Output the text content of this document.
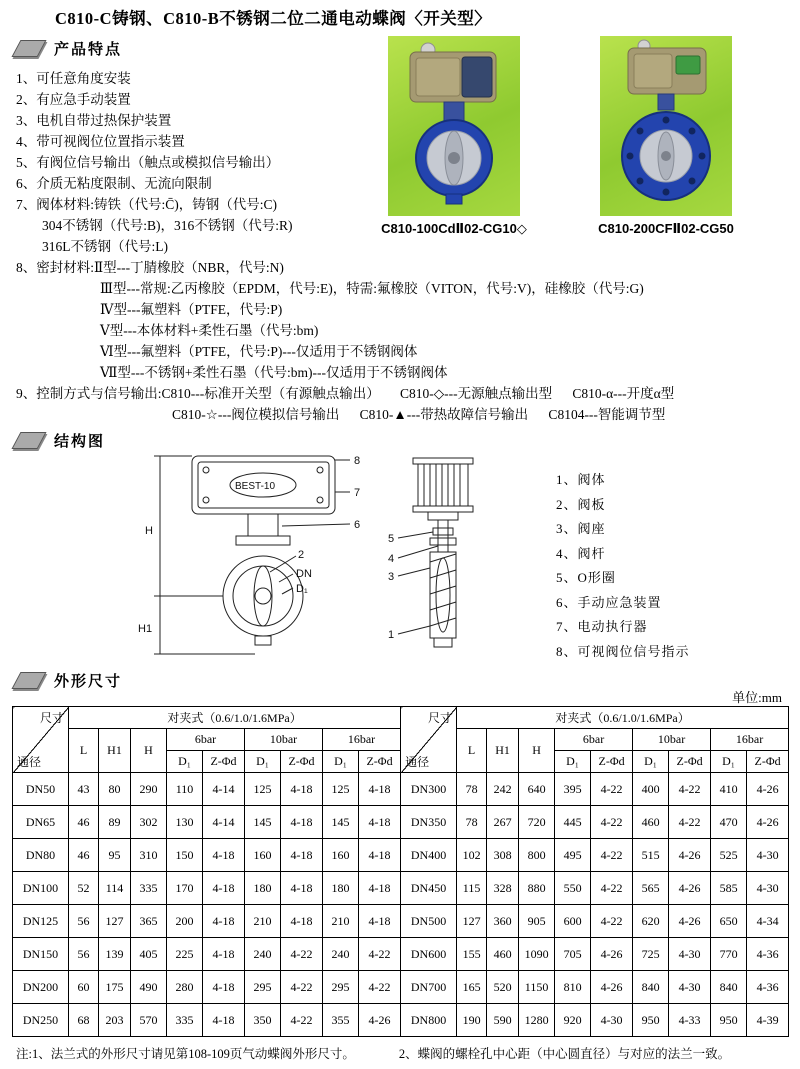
C810-C铸钢、C810-B不锈钢二位二通电动蝶阀〈开关型〉
产品特点
1、可任意角度安装
2、有应急手动装置
3、电机自带过热保护装置
4、带可视阀位位置指示装置
5、有阀位信号输出（触点或模拟信号输出）
6、介质无粘度限制、无流向限制
7、阀体材料:铸铁（代号:C̄)，铸钢（代号:C)
304不锈钢（代号:B)，316不锈钢（代号:R)
316L不锈钢（代号:L)
8、密封材料:Ⅱ型---丁腈橡胶（NBR，代号:N)
Ⅲ型---常规:乙丙橡胶（EPDM，代号:E)，特需:氟橡胶（VITON，代号:V)，硅橡胶（代号:G)
Ⅳ型---氟塑料（PTFE，代号:P)
Ⅴ型---本体材料+柔性石墨（代号:bm)
Ⅵ型---氟塑料（PTFE，代号:P)---仅适用于不锈钢阀体
Ⅶ型---不锈钢+柔性石墨（代号:bm)---仅适用于不锈钢阀体
9、控制方式与信号输出:C810---标准开关型（有源触点输出）      C810-◇---无源触点输出型      C810-α---开度α型
C810-☆---阀位模拟信号输出      C810-▲---带热故障信号输出      C8104---智能调节型
C810-100CdⅡ02-CG10◇	C810-200CFⅡ02-CG50
结构图
BEST-10
H
H1
2
DN
D₁
8
7
6
5
4
3
1
1、阀体
2、阀板
3、阀座
4、阀杆
5、O形圈
6、手动应急装置
7、电动执行器
8、可视阀位信号指示
外形尺寸
单位:mm
尺寸
通径	对夹式（0.6/1.0/1.6MPa）									尺寸
通径	对夹式（0.6/1.0/1.6MPa）								
	L	H1	H	6bar		10bar		16bar			L	H1	H	6bar		10bar		16bar	
				D₁	Z-Φd	D₁	Z-Φd	D₁	Z-Φd					D₁	Z-Φd	D₁	Z-Φd	D₁	Z-Φd
DN50	43	80	290	110	4-14	125	4-18	125	4-18	DN300	78	242	640	395	4-22	400	4-22	410	4-26
DN65	46	89	302	130	4-14	145	4-18	145	4-18	DN350	78	267	720	445	4-22	460	4-22	470	4-26
DN80	46	95	310	150	4-18	160	4-18	160	4-18	DN400	102	308	800	495	4-22	515	4-26	525	4-30
DN100	52	114	335	170	4-18	180	4-18	180	4-18	DN450	115	328	880	550	4-22	565	4-26	585	4-30
DN125	56	127	365	200	4-18	210	4-18	210	4-18	DN500	127	360	905	600	4-22	620	4-26	650	4-34
DN150	56	139	405	225	4-18	240	4-22	240	4-22	DN600	155	460	1090	705	4-26	725	4-30	770	4-36
DN200	60	175	490	280	4-18	295	4-22	295	4-22	DN700	165	520	1150	810	4-26	840	4-30	840	4-36
DN250	68	203	570	335	4-18	350	4-22	355	4-26	DN800	190	590	1280	920	4-30	950	4-33	950	4-39
注: 1、法兰式的外形尺寸请见第108-109页气动蝶阀外形尺寸。	2、蝶阀的螺栓孔中心距（中心圆直径）与对应的法兰一致。
